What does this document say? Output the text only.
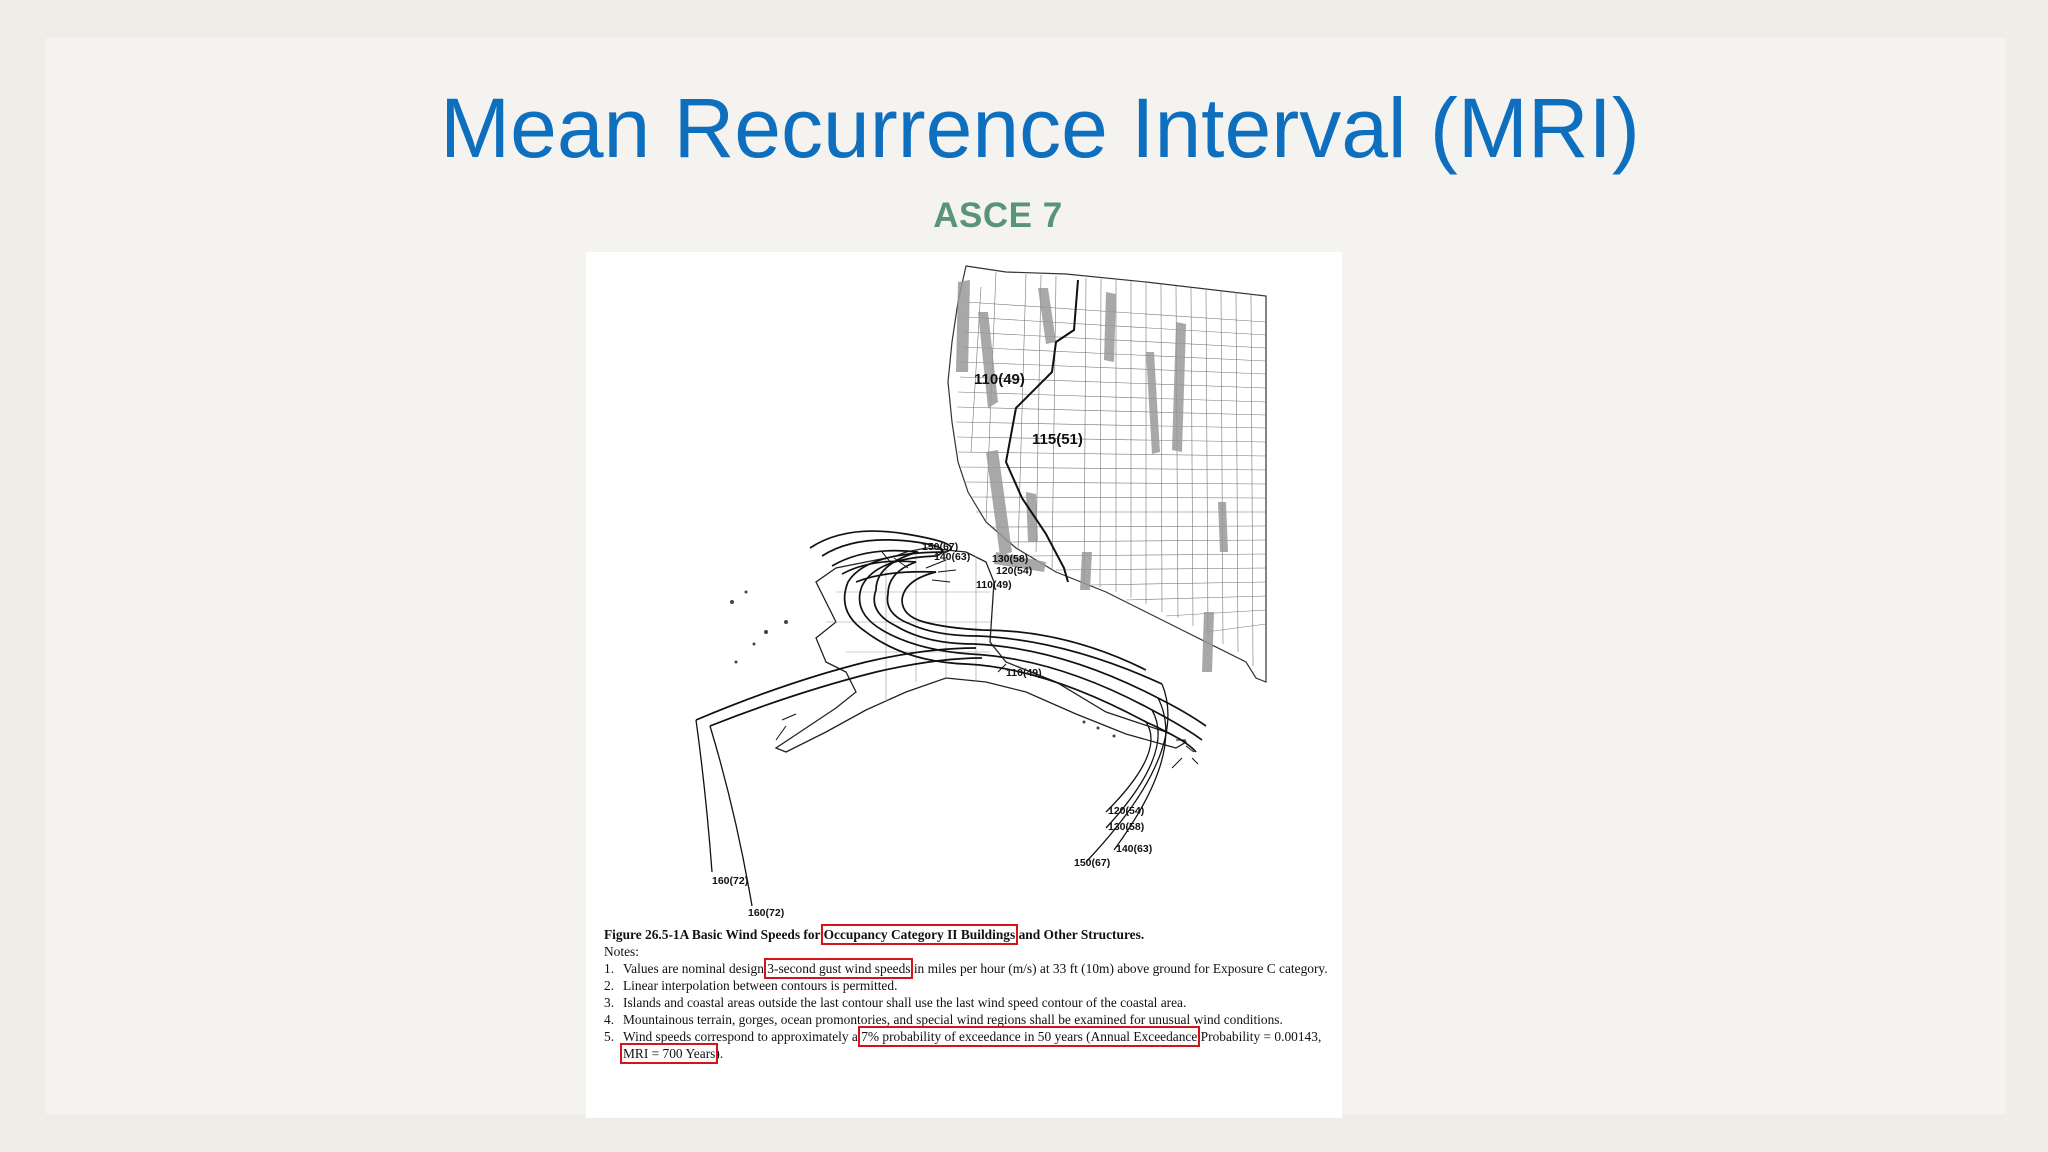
Mean Recurrence Interval (MRI)
ASCE 7
110(49)
115(51)
150(67)
140(63) 130(58)
120(54)
110(49)
110(49)
120(54)
130(58)
140(63)
150(67)
160(72)
160(72)
Figure 26.5-1A Basic Wind Speeds for Occupancy Category II Buildings and Other Structures.
Notes:
1. Values are nominal design 3-second gust wind speeds in miles per hour (m/s) at 33 ft (10m) above ground for Exposure C category.
2. Linear interpolation between contours is permitted.
3. Islands and coastal areas outside the last contour shall use the last wind speed contour of the coastal area.
4. Mountainous terrain, gorges, ocean promontories, and special wind regions shall be examined for unusual wind conditions.
5. Wind speeds correspond to approximately a 7% probability of exceedance in 50 years (Annual Exceedance Probability = 0.00143, MRI = 700 Years).
